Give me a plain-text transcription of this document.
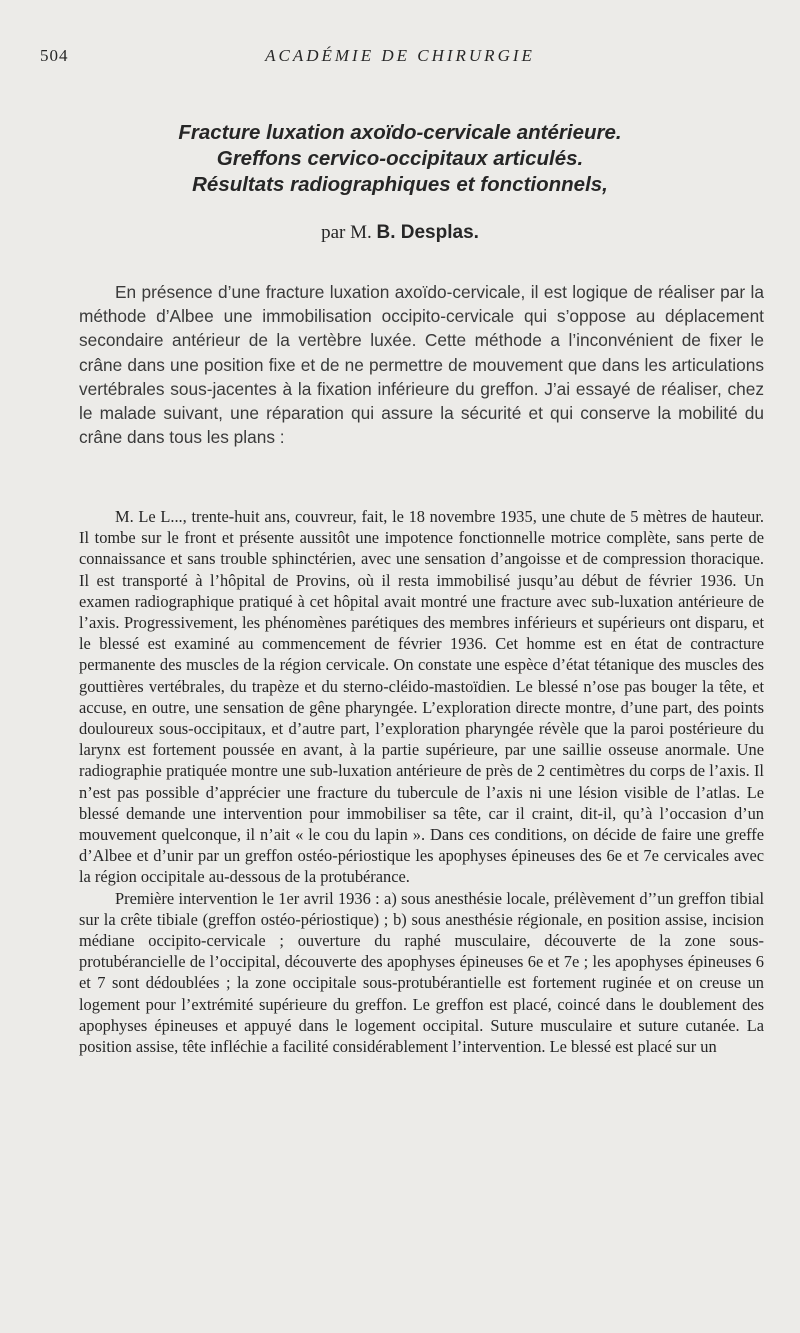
504	ACADÉMIE DE CHIRURGIE
Fracture luxation axoïdo-cervicale antérieure.
Greffons cervico-occipitaux articulés.
Résultats radiographiques et fonctionnels,
par M. B. Desplas.

En présence d’une fracture luxation axoïdo-cervicale, il est logique de réaliser par la méthode d’Albee une immobilisation occipito-cervicale qui s’oppose au déplacement secondaire antérieur de la vertèbre luxée. Cette méthode a l’inconvénient de fixer le crâne dans une position fixe et de ne permettre de mouvement que dans les articulations vertébrales sous-jacentes à la fixation inférieure du greffon. J’ai essayé de réaliser, chez le malade suivant, une réparation qui assure la sécurité et qui conserve la mobilité du crâne dans tous les plans :

M. Le L..., trente-huit ans, couvreur, fait, le 18 novembre 1935, une chute de 5 mètres de hauteur. Il tombe sur le front et présente aussitôt une impotence fonctionnelle motrice complète, sans perte de connaissance et sans trouble sphinctérien, avec une sensation d’angoisse et de compression thoracique. Il est transporté à l’hôpital de Provins, où il resta immobilisé jusqu’au début de février 1936. Un examen radiographique pratiqué à cet hôpital avait montré une fracture avec sub-luxation antérieure de l’axis. Progressivement, les phénomènes parétiques des membres inférieurs et supérieurs ont disparu, et le blessé est examiné au commencement de février 1936. Cet homme est en état de contracture permanente des muscles de la région cervicale. On constate une espèce d’état tétanique des muscles des gouttières vertébrales, du trapèze et du sterno-cléido-mastoïdien. Le blessé n’ose pas bouger la tête, et accuse, en outre, une sensation de gêne pharyngée. L’exploration directe montre, d’une part, des points douloureux sous-occipitaux, et d’autre part, l’exploration pharyngée révèle que la paroi postérieure du larynx est fortement poussée en avant, à la partie supérieure, par une saillie osseuse anormale. Une radiographie pratiquée montre une sub-luxation antérieure de près de 2 centimètres du corps de l’axis. Il n’est pas possible d’apprécier une fracture du tubercule de l’axis ni une lésion visible de l’atlas. Le blessé demande une intervention pour immobiliser sa tête, car il craint, dit-il, qu’à l’occasion d’un mouvement quelconque, il n’ait « le cou du lapin ». Dans ces conditions, on décide de faire une greffe d’Albee et d’unir par un greffon ostéo-périostique les apophyses épineuses des 6e et 7e cervicales avec la région occipitale au-dessous de la protubérance.

Première intervention le 1er avril 1936 : a) sous anesthésie locale, prélèvement d’’un greffon tibial sur la crête tibiale (greffon ostéo-périostique) ; b) sous anesthésie régionale, en position assise, incision médiane occipito-cervicale ; ouverture du raphé musculaire, découverte de la zone sous-protubérancielle de l’occipital, découverte des apophyses épineuses 6e et 7e ; les apophyses épineuses 6 et 7 sont dédoublées ; la zone occipitale sous-protubérantielle est fortement ruginée et on creuse un logement pour l’extrémité supérieure du greffon. Le greffon est placé, coincé dans le doublement des apophyses épineuses et appuyé dans le logement occipital. Suture musculaire et suture cutanée. La position assise, tête infléchie a facilité considérablement l’intervention. Le blessé est placé sur un
